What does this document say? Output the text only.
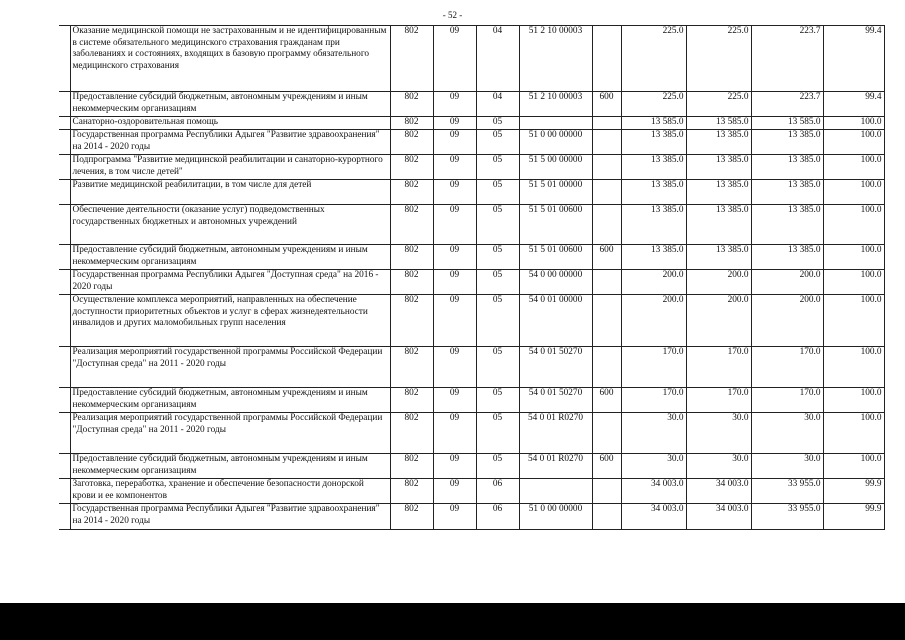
- 52 -
	Оказание медицинской помощи не застрахованным и не идентифицированным в системе обязательного медицинского страхования гражданам при заболеваниях и состояниях, входящих в базовую программу обязательного медицинского страхования	802	09	04	51 2 10 00003		225.0	225.0	223.7	99.4
	Предоставление субсидий бюджетным, автономным учреждениям и иным некоммерческим организациям	802	09	04	51 2 10 00003	600	225.0	225.0	223.7	99.4
	Санаторно-оздоровительная помощь	802	09	05			13 585.0	13 585.0	13 585.0	100.0
	Государственная программа Республики Адыгея "Развитие здравоохранения" на 2014 - 2020 годы	802	09	05	51 0 00 00000		13 385.0	13 385.0	13 385.0	100.0
	Подпрограмма "Развитие медицинской реабилитации и санаторно-курортного лечения, в том числе детей"	802	09	05	51 5 00 00000		13 385.0	13 385.0	13 385.0	100.0
	Развитие медицинской реабилитации, в том числе для детей	802	09	05	51 5 01 00000		13 385.0	13 385.0	13 385.0	100.0
	Обеспечение деятельности (оказание услуг) подведомственных государственных бюджетных и автономных учреждений	802	09	05	51 5 01 00600		13 385.0	13 385.0	13 385.0	100.0
	Предоставление субсидий бюджетным, автономным учреждениям и иным некоммерческим организациям	802	09	05	51 5 01 00600	600	13 385.0	13 385.0	13 385.0	100.0
	Государственная программа Республики Адыгея "Доступная среда" на 2016 - 2020 годы	802	09	05	54 0 00 00000		200.0	200.0	200.0	100.0
	Осуществление комплекса мероприятий, направленных на обеспечение доступности приоритетных объектов и услуг в сферах жизнедеятельности инвалидов и других маломобильных групп населения	802	09	05	54 0 01 00000		200.0	200.0	200.0	100.0
	Реализация мероприятий государственной программы Российской Федерации "Доступная среда" на 2011 - 2020 годы	802	09	05	54 0 01 50270		170.0	170.0	170.0	100.0
	Предоставление субсидий бюджетным, автономным учреждениям и иным некоммерческим организациям	802	09	05	54 0 01 50270	600	170.0	170.0	170.0	100.0
	Реализация мероприятий государственной программы Российской Федерации "Доступная среда" на 2011 - 2020 годы	802	09	05	54 0 01 R0270		30.0	30.0	30.0	100.0
	Предоставление субсидий бюджетным, автономным учреждениям и иным некоммерческим организациям	802	09	05	54 0 01 R0270	600	30.0	30.0	30.0	100.0
	Заготовка, переработка, хранение и обеспечение безопасности донорской крови и ее компонентов	802	09	06			34 003.0	34 003.0	33 955.0	99.9
	Государственная программа Республики Адыгея "Развитие здравоохранения" на 2014 - 2020 годы	802	09	06	51 0 00 00000		34 003.0	34 003.0	33 955.0	99.9
